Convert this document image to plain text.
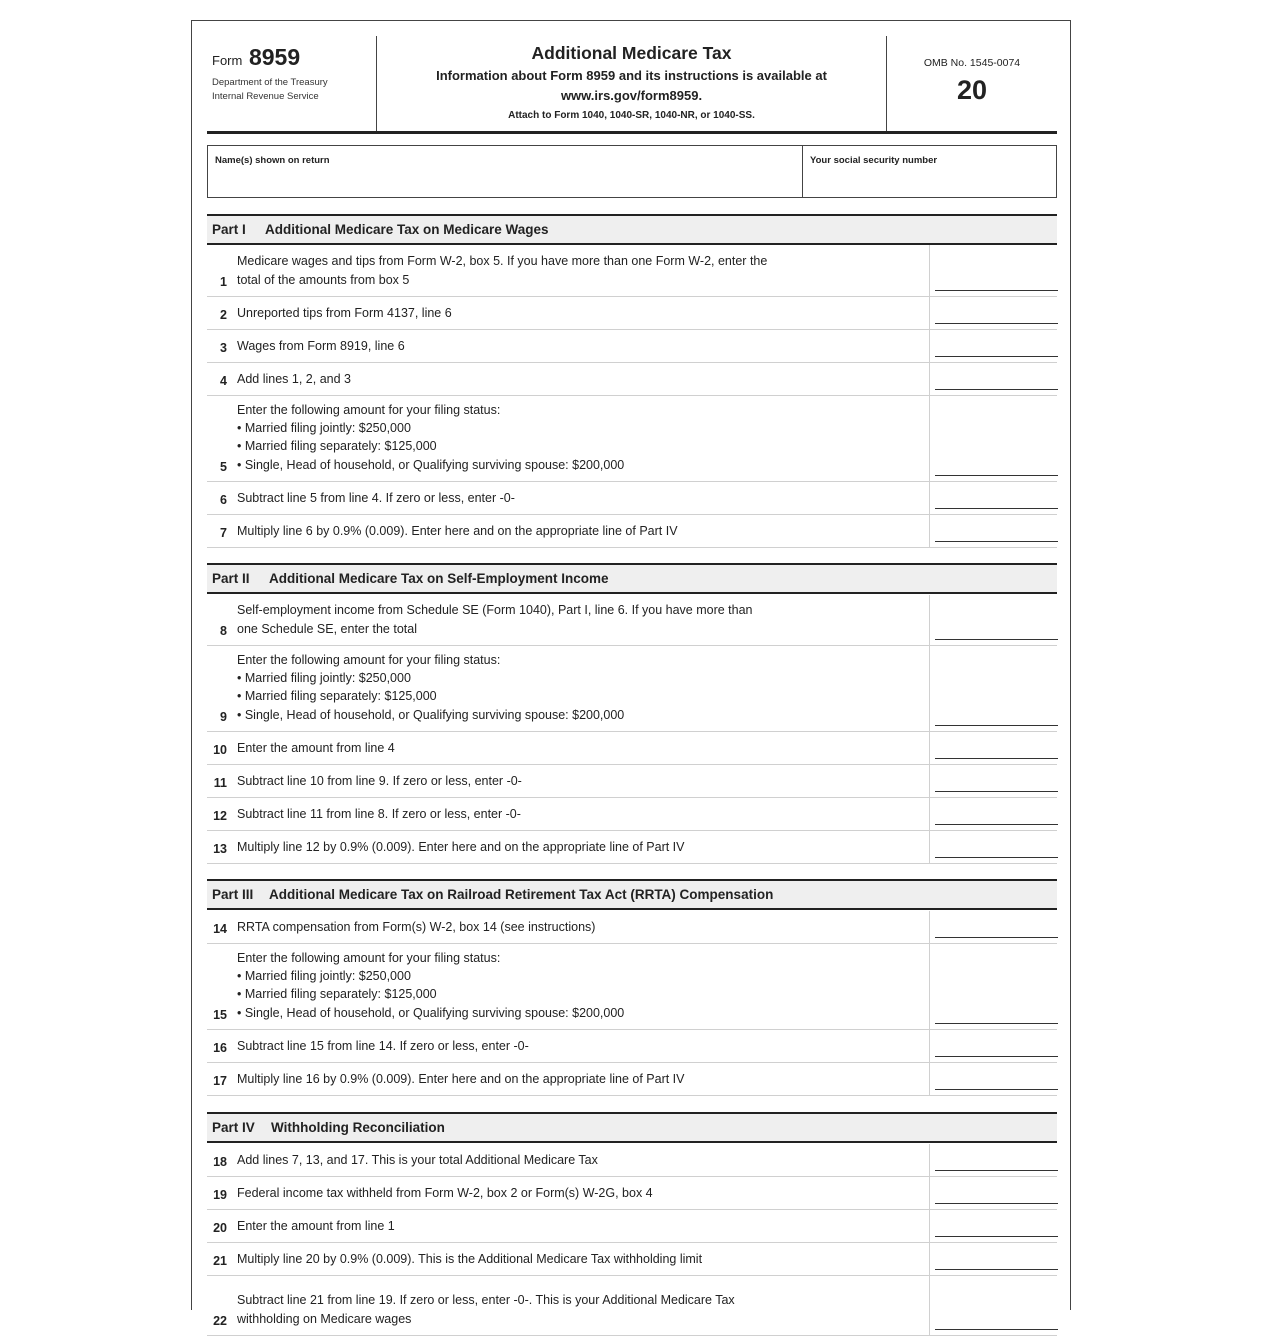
Form 8959
Department of the Treasury
Internal Revenue Service
Additional Medicare Tax
Information about Form 8959 and its instructions is available at
www.irs.gov/form8959.
Attach to Form 1040, 1040-SR, 1040-NR, or 1040-SS.
OMB No. 1545-0074
20
Name(s) shown on return	Your social security number
Part I Additional Medicare Tax on Medicare Wages
1
Medicare wages and tips from Form W-2, box 5. If you have more than one Form W-2, enter the
total of the amounts from box 5
2 Unreported tips from Form 4137, line 6
3 Wages from Form 8919, line 6
4 Add lines 1, 2, and 3
5
Enter the following amount for your filing status:
• Married filing jointly: $250,000
• Married filing separately: $125,000
• Single, Head of household, or Qualifying surviving spouse: $200,000
6 Subtract line 5 from line 4. If zero or less, enter -0-
7 Multiply line 6 by 0.9% (0.009). Enter here and on the appropriate line of Part IV
Part II Additional Medicare Tax on Self-Employment Income
8
Self-employment income from Schedule SE (Form 1040), Part I, line 6. If you have more than
one Schedule SE, enter the total
9
Enter the following amount for your filing status:
• Married filing jointly: $250,000
• Married filing separately: $125,000
• Single, Head of household, or Qualifying surviving spouse: $200,000
10 Enter the amount from line 4
11 Subtract line 10 from line 9. If zero or less, enter -0-
12 Subtract line 11 from line 8. If zero or less, enter -0-
13 Multiply line 12 by 0.9% (0.009). Enter here and on the appropriate line of Part IV
Part III Additional Medicare Tax on Railroad Retirement Tax Act (RRTA) Compensation
14 RRTA compensation from Form(s) W-2, box 14 (see instructions)
15
Enter the following amount for your filing status:
• Married filing jointly: $250,000
• Married filing separately: $125,000
• Single, Head of household, or Qualifying surviving spouse: $200,000
16 Subtract line 15 from line 14. If zero or less, enter -0-
17 Multiply line 16 by 0.9% (0.009). Enter here and on the appropriate line of Part IV
Part IV Withholding Reconciliation
18 Add lines 7, 13, and 17. This is your total Additional Medicare Tax
19 Federal income tax withheld from Form W-2, box 2 or Form(s) W-2G, box 4
20 Enter the amount from line 1
21 Multiply line 20 by 0.9% (0.009). This is the Additional Medicare Tax withholding limit
22
Subtract line 21 from line 19. If zero or less, enter -0-. This is your Additional Medicare Tax
withholding on Medicare wages
